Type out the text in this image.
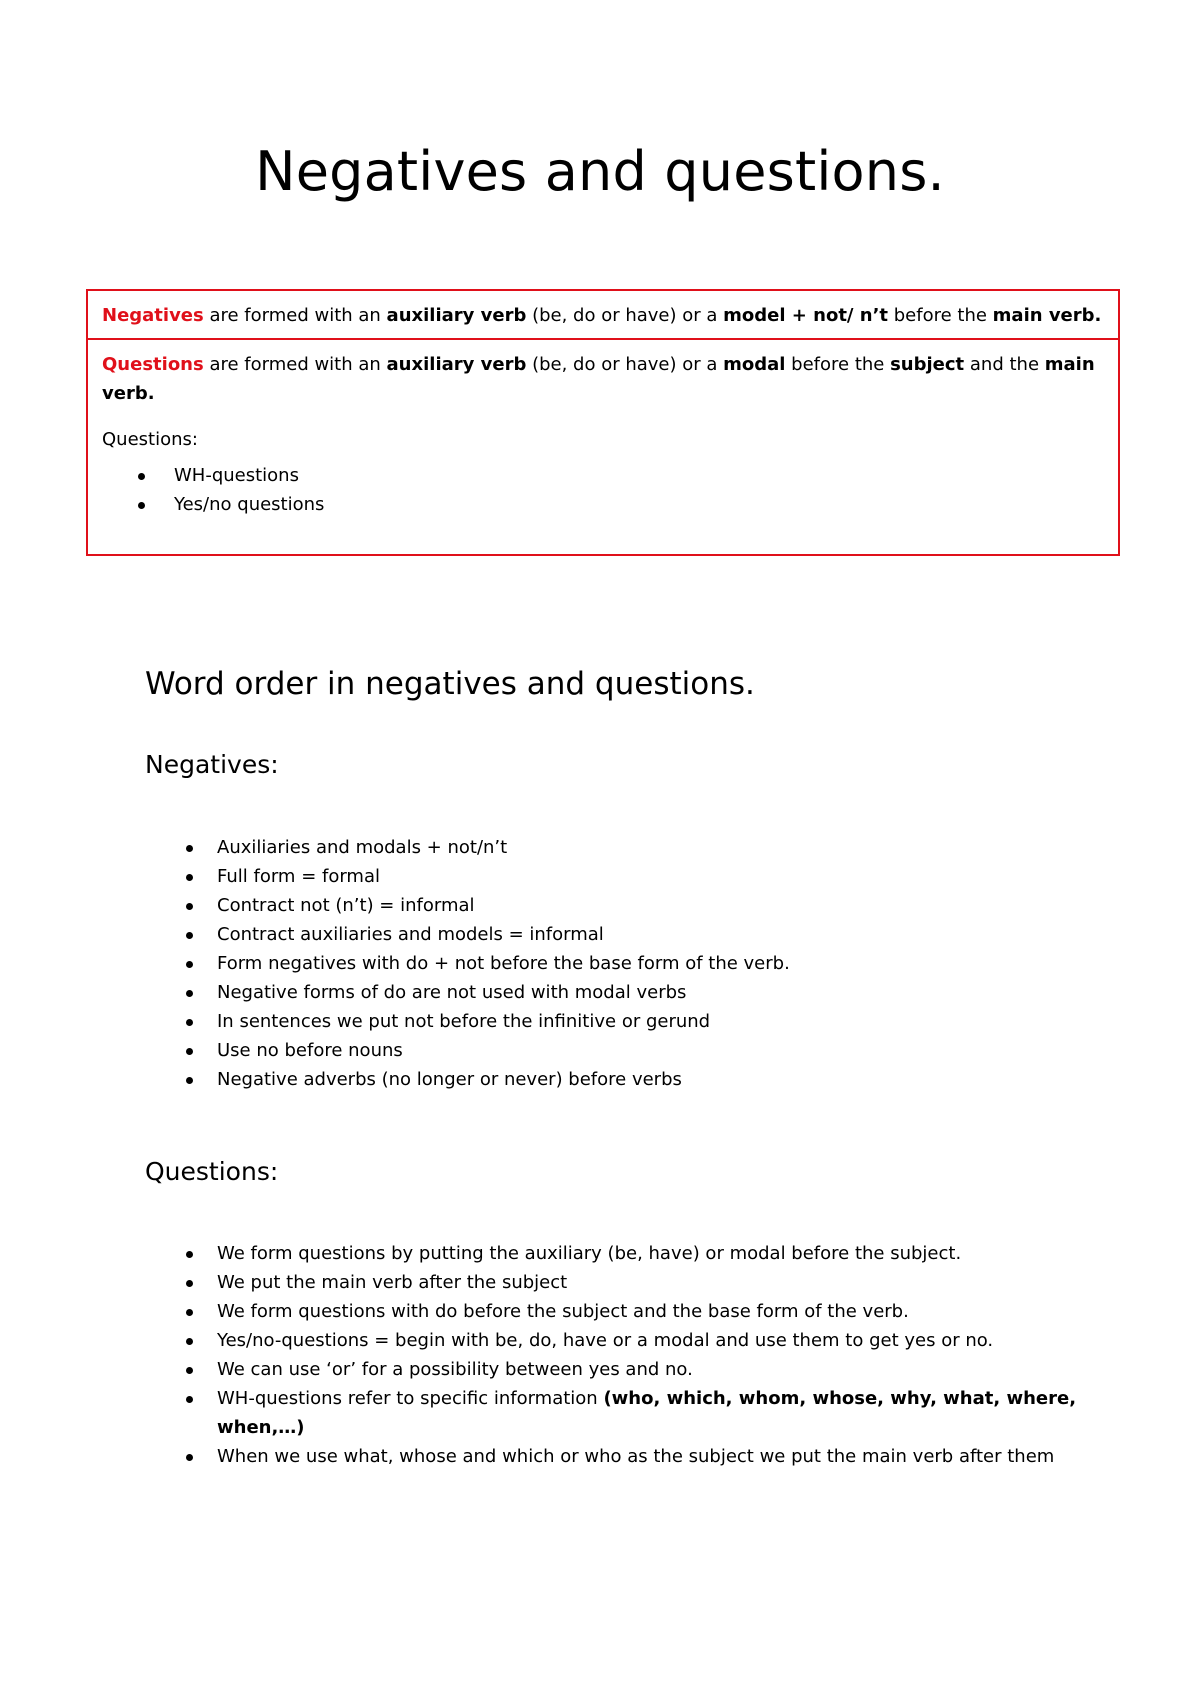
Negatives and questions.

Negatives are formed with an auxiliary verb (be, do or have) or a model + not/ n’t before the main verb.

Questions are formed with an auxiliary verb (be, do or have) or a modal before the subject and the main verb.

Questions:

WH-questions
Yes/no questions
Word order in negatives and questions.
Negatives:
Auxiliaries and modals + not/n’t
Full form = formal
Contract not (n’t) = informal
Contract auxiliaries and models = informal
Form negatives with do + not before the base form of the verb.
Negative forms of do are not used with modal verbs
In sentences we put not before the infinitive or gerund
Use no before nouns
Negative adverbs (no longer or never) before verbs
Questions:
We form questions by putting the auxiliary (be, have) or modal before the subject.
We put the main verb after the subject
We form questions with do before the subject and the base form of the verb.
Yes/no-questions = begin with be, do, have or a modal and use them to get yes or no.
We can use ‘or’ for a possibility between yes and no.
WH-questions refer to specific information (who, which, whom, whose, why, what, where, when,…)
When we use what, whose and which or who as the subject we put the main verb after them
